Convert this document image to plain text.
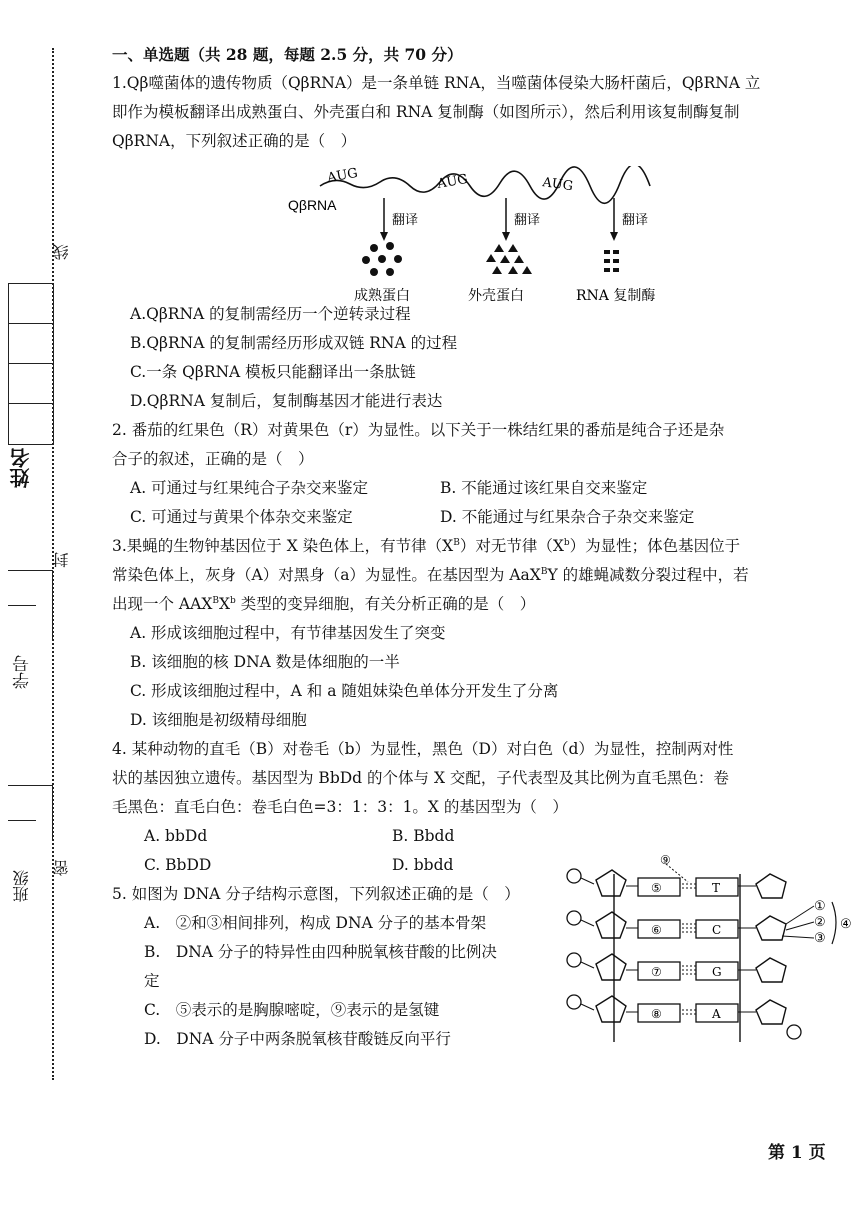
线
封
密
姓名
学号
班级
一、单选题（共 28 题，每题 2.5 分，共 70 分）
1.Qβ噬菌体的遗传物质（QβRNA）是一条单链 RNA，当噬菌体侵染大肠杆菌后，QβRNA 立
即作为模板翻译出成熟蛋白、外壳蛋白和 RNA 复制酶（如图所示），然后利用该复制酶复制
QβRNA，下列叙述正确的是（　）
A.QβRNA 的复制需经历一个逆转录过程
B.QβRNA 的复制需经历形成双链 RNA 的过程
C.一条 QβRNA 模板只能翻译出一条肽链
D.QβRNA 复制后，复制酶基因才能进行表达
2. 番茄的红果色（R）对黄果色（r）为显性。以下关于一株结红果的番茄是纯合子还是杂
合子的叙述，正确的是（　）
A. 可通过与红果纯合子杂交来鉴定	B. 不能通过该红果自交来鉴定
C. 可通过与黄果个体杂交来鉴定	D. 不能通过与红果杂合子杂交来鉴定
3.果蝇的生物钟基因位于 X 染色体上，有节律$(X^B)$对无节律$(X^b)$为显性；体色基因位于
常染色体上，灰身（A）对黑身（a）为显性。在基因型为 AaX$^B$Y 的雄蝇减数分裂过程中，若
出现一个 $AAX^BX^b$ 类型的变异细胞，有关分析正确的是（　）
A. 形成该细胞过程中，有节律基因发生了突变
B. 该细胞的核 DNA 数是体细胞的一半
C. 形成该细胞过程中，A 和 a 随姐妹染色单体分开发生了分离
D. 该细胞是初级精母细胞
4. 某种动物的直毛（B）对卷毛（b）为显性，黑色（D）对白色（d）为显性，控制两对性
状的基因独立遗传。基因型为 BbDd 的个体与 X 交配，子代表型及其比例为直毛黑色：卷
毛黑色：直毛白色：卷毛白色=3：1：3：1。X 的基因型为（　）
A. bbDd	B. Bbdd
C. BbDD	D. bbdd
5. 如图为 DNA 分子结构示意图，下列叙述正确的是（　）
A.　②和③相间排列，构成 DNA 分子的基本骨架
B.　DNA 分子的特异性由四种脱氧核苷酸的比例决
定
C.　⑤表示的是胸腺嘧啶，⑨表示的是氢键
D.　DNA 分子中两条脱氧核苷酸链反向平行
QβRNA
AUG	AUG	AUG
翻译	翻译	翻译
成熟蛋白	外壳蛋白	RNA 复制酶
⑤	T
⑥	C
⑦	G
⑧	A
⑨
①
②
③
④
第 1 页
